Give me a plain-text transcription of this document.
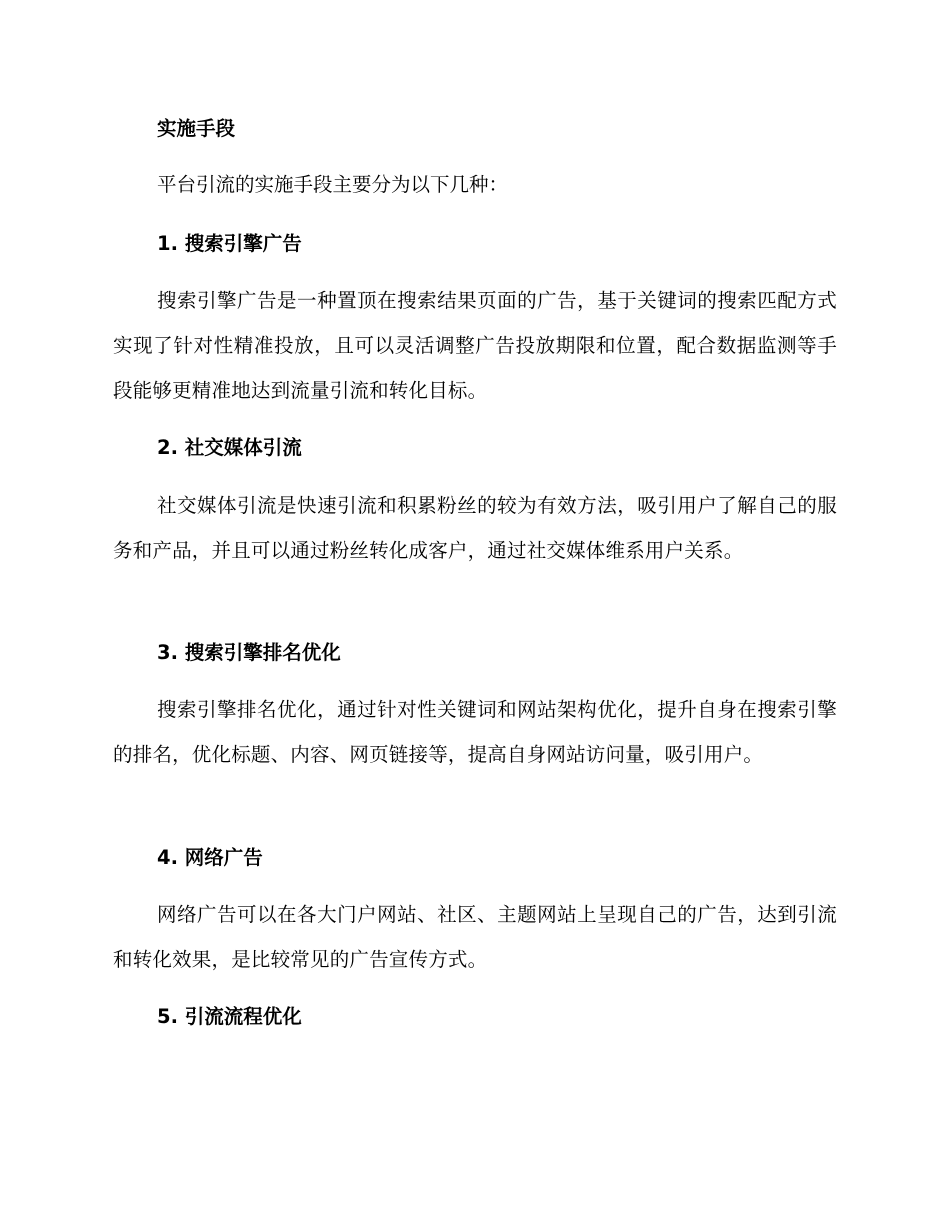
实施手段
平台引流的实施手段主要分为以下几种：
1. 搜索引擎广告

搜索引擎广告是一种置顶在搜索结果页面的广告，基于关键词的搜索匹配方式实现了针对性精准投放，且可以灵活调整广告投放期限和位置，配合数据监测等手段能够更精准地达到流量引流和转化目标。

2. 社交媒体引流

社交媒体引流是快速引流和积累粉丝的较为有效方法，吸引用户了解自己的服务和产品，并且可以通过粉丝转化成客户，通过社交媒体维系用户关系。

3. 搜索引擎排名优化

搜索引擎排名优化，通过针对性关键词和网站架构优化，提升自身在搜索引擎的排名，优化标题、内容、网页链接等，提高自身网站访问量，吸引用户。

4. 网络广告

网络广告可以在各大门户网站、社区、主题网站上呈现自己的广告，达到引流和转化效果，是比较常见的广告宣传方式。

5. 引流流程优化
